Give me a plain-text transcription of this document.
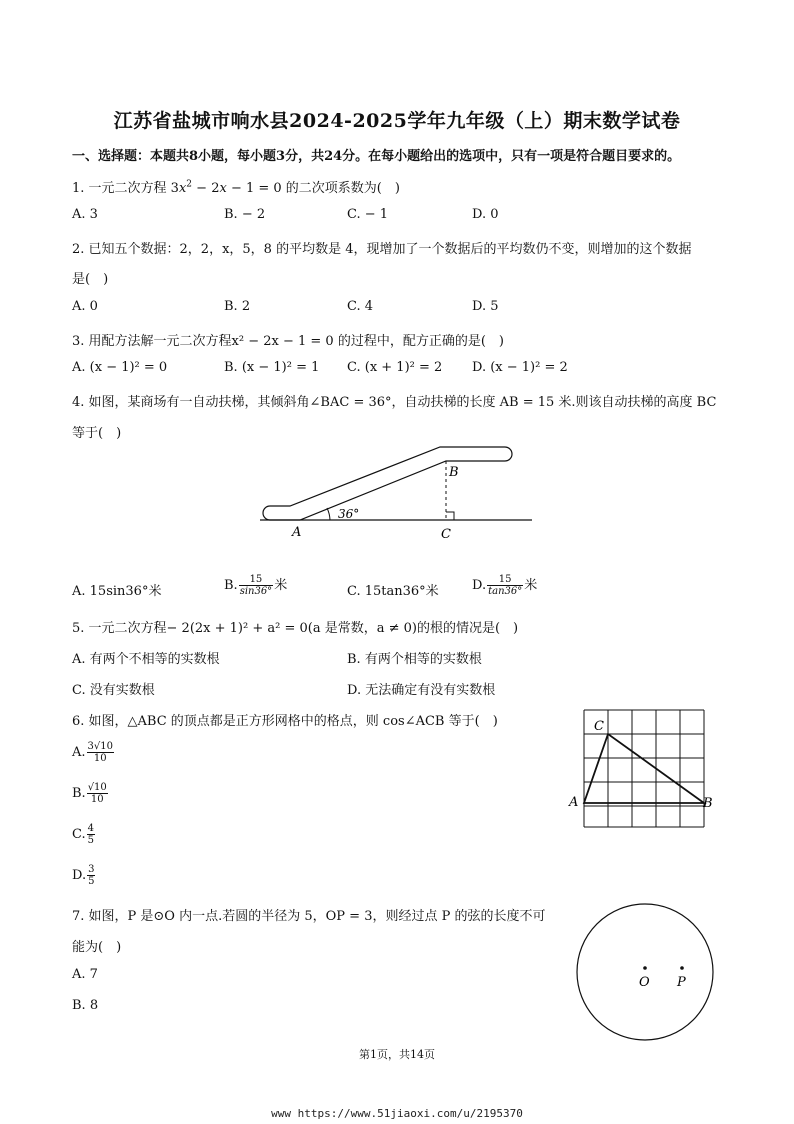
江苏省盐城市响水县2024-2025学年九年级（上）期末数学试卷
一、选择题：本题共8小题，每小题3分，共24分。在每小题给出的选项中，只有一项是符合题目要求的。
1. 一元二次方程 $3x^2 - 2x - 1 = 0$ 的二次项系数为(　)
A. 3	B. − 2	C. − 1	D. 0
2. 已知五个数据：2，2，x，5，8 的平均数是 4，现增加了一个数据后的平均数仍不变，则增加的这个数据
是(　)
A. 0	B. 2	C. 4	D. 5
3. 用配方法解一元二次方程x² − 2x − 1 = 0 的过程中，配方正确的是(　)
A. (x − 1)² = 0	B. (x − 1)² = 1 C. (x + 1)² = 2 D. (x − 1)² = 2
4. 如图，某商场有一自动扶梯，其倾斜角∠BAC = 36°，自动扶梯的长度 AB = 15 米.则该自动扶梯的高度 BC
等于(　)
36°
A
B
C
A. 15sin36°米	B. $\frac{15}{\sin 36^\circ}$ 米	C. 15tan36°米	D. $\frac{15}{\tan 36^\circ}$ 米
5. 一元二次方程− 2(2x + 1)² + a² = 0(a 是常数，a ≠ 0)的根的情况是(　)
A. 有两个不相等的实数根	B. 有两个相等的实数根
C. 没有实数根	D. 无法确定有没有实数根
6. 如图，△ABC 的顶点都是正方形网格中的格点，则 cos∠ACB 等于(　)
A. $\frac{3√10}{10}$
B. $\frac{√10}{10}$
C. $\frac{4}{5}$
D. $\frac{3}{5}$
C
A	B
7. 如图，P 是⊙O 内一点.若圆的半径为 5，OP = 3，则经过点 P 的弦的长度不可
能为(　)
A. 7
B. 8
O P
第1页，共14页
www https://www.51jiaoxi.com/u/2195370
